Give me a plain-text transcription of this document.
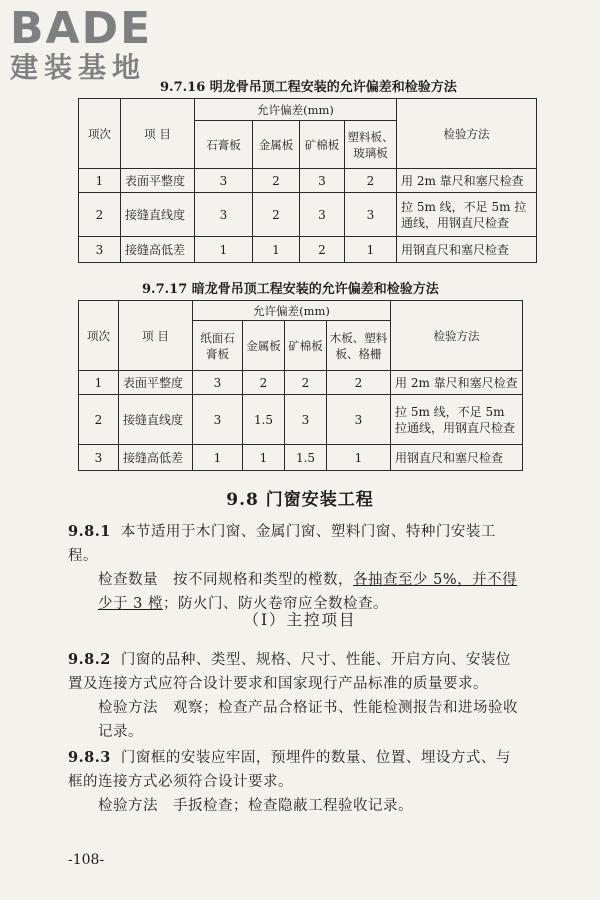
BADE
建装基地
9.7.16 明龙骨吊顶工程安装的允许偏差和检验方法
项次	项 目	允许偏差(mm)				检验方法
		石膏板	金属板	矿棉板	塑料板、玻璃板	
1	表面平整度	3	2	3	2	用 2m 靠尺和塞尺检查
2	接缝直线度	3	2	3	3	拉 5m 线，不足 5m 拉通线，用钢直尺检查
3	接缝高低差	1	1	2	1	用钢直尺和塞尺检查
9.7.17 暗龙骨吊顶工程安装的允许偏差和检验方法
项次	项 目	允许偏差(mm)				检验方法
		纸面石膏板	金属板	矿棉板	木板、塑料板、格栅	
1	表面平整度	3	2	2	2	用 2m 靠尺和塞尺检查
2	接缝直线度	3	1.5	3	3	拉 5m 线，不足 5m 拉通线，用钢直尺检查
3	接缝高低差	1	1	1.5	1	用钢直尺和塞尺检查
9.8 门窗安装工程
9.8.1 本节适用于木门窗、金属门窗、塑料门窗、特种门安装工程。
检查数量　按不同规格和类型的樘数，各抽查至少 5%，并不得少于 3 樘；防火门、防火卷帘应全数检查。
（Ⅰ）主控项目
9.8.2 门窗的品种、类型、规格、尺寸、性能、开启方向、安装位置及连接方式应符合设计要求和国家现行产品标准的质量要求。
检验方法　观察；检查产品合格证书、性能检测报告和进场验收记录。
9.8.3 门窗框的安装应牢固，预埋件的数量、位置、埋设方式、与框的连接方式必须符合设计要求。
检验方法　手扳检查；检查隐蔽工程验收记录。
-108-
